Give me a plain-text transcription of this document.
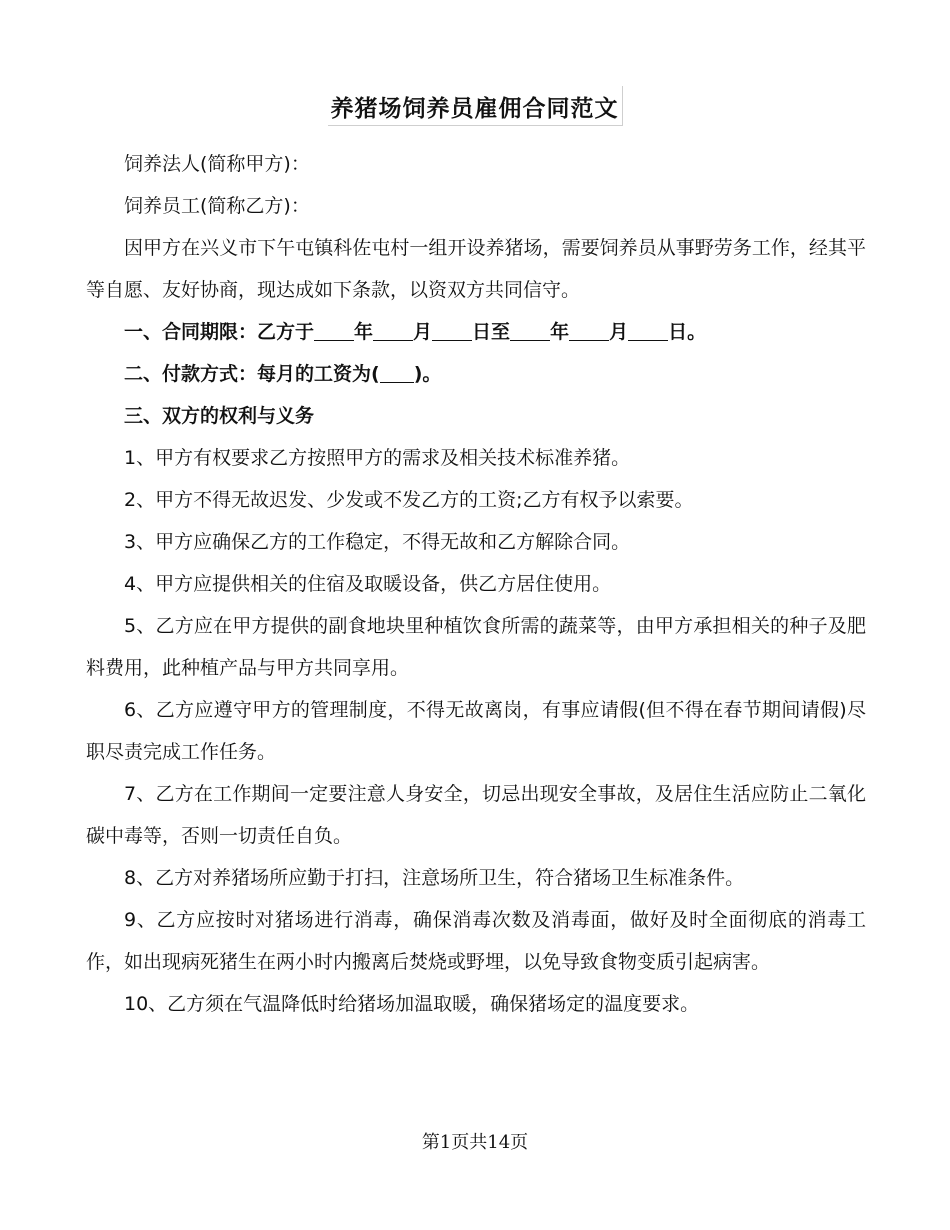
养猪场饲养员雇佣合同范文

饲养法人(简称甲方)：

饲养员工(简称乙方)：

因甲方在兴义市下午屯镇科佐屯村一组开设养猪场，需要饲养员从事野劳务工作，经其平等自愿、友好协商，现达成如下条款，以资双方共同信守。

一、合同期限：乙方于 年 月 日至 年 月 日。

二、付款方式：每月的工资为( )。

三、双方的权利与义务

1、甲方有权要求乙方按照甲方的需求及相关技术标准养猪。

2、甲方不得无故迟发、少发或不发乙方的工资;乙方有权予以索要。

3、甲方应确保乙方的工作稳定，不得无故和乙方解除合同。

4、甲方应提供相关的住宿及取暖设备，供乙方居住使用。

5、乙方应在甲方提供的副食地块里种植饮食所需的蔬菜等，由甲方承担相关的种子及肥料费用，此种植产品与甲方共同享用。

6、乙方应遵守甲方的管理制度，不得无故离岗，有事应请假(但不得在春节期间请假)尽职尽责完成工作任务。

7、乙方在工作期间一定要注意人身安全，切忌出现安全事故，及居住生活应防止二氧化碳中毒等，否则一切责任自负。

8、乙方对养猪场所应勤于打扫，注意场所卫生，符合猪场卫生标准条件。

9、乙方应按时对猪场进行消毒，确保消毒次数及消毒面，做好及时全面彻底的消毒工作，如出现病死猪生在两小时内搬离后焚烧或野埋，以免导致食物变质引起病害。

10、乙方须在气温降低时给猪场加温取暖，确保猪场定的温度要求。

第1页共14页
